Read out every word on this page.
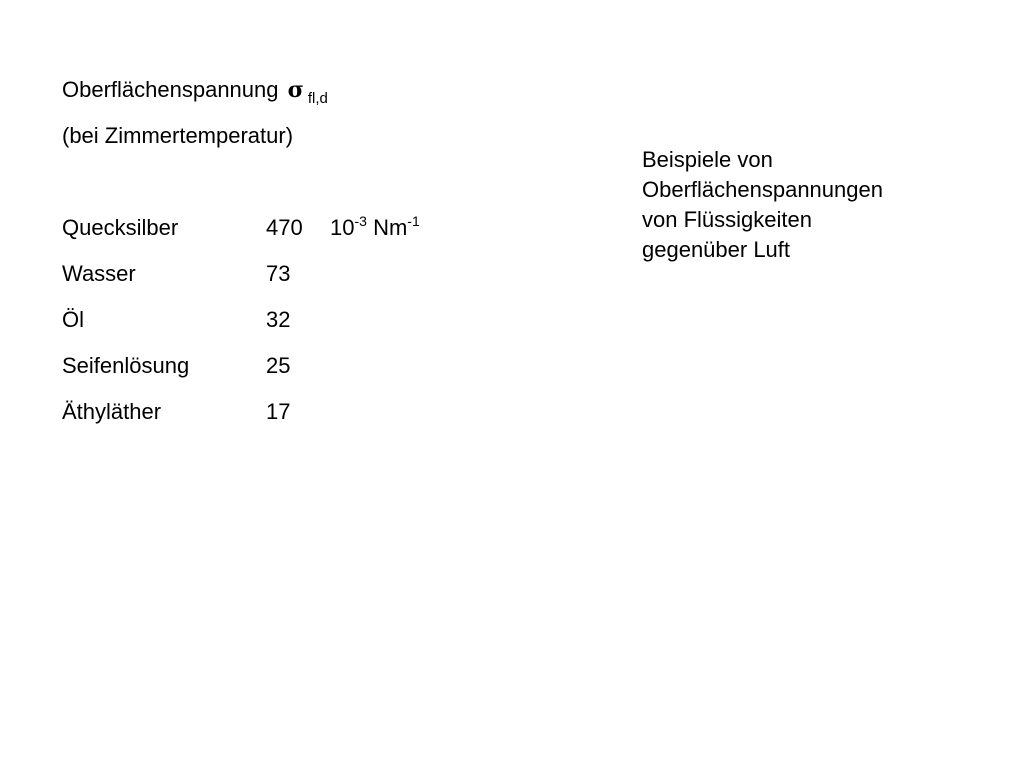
Oberflächenspannung σ $_{fl,d}$
(bei Zimmertemperatur)
Quecksilber	470 $10^{-3}$ $Nm^{-1}$
Wasser	73
Öl	32
Seifenlösung	25
Äthyläther	17
Beispiele von
Oberflächenspannungen
von Flüssigkeiten
gegenüber Luft
